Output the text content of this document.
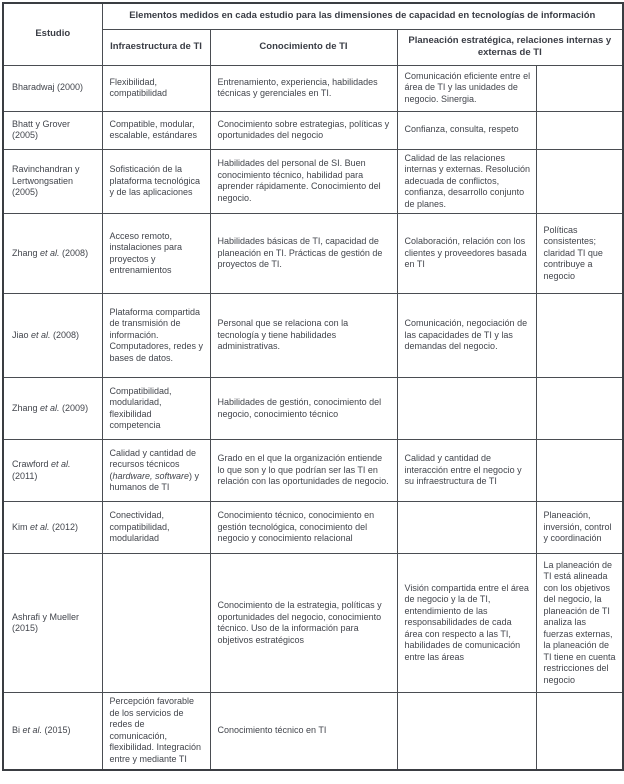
Estudio	Elementos medidos en cada estudio para las dimensiones de capacidad en tecnologías de información			
	Infraestructura de TI	Conocimiento de TI	Planeación estratégica, relaciones internas y externas de TI	
Bharadwaj (2000)	Flexibilidad, compatibilidad	Entrenamiento, experiencia, habilidades técnicas y gerenciales en TI.	Comunicación eficiente entre el área de TI y las unidades de negocio. Sinergia.	
Bhatt y Grover (2005)	Compatible, modular, escalable, estándares	Conocimiento sobre estrategias, políticas y oportunidades del negocio	Confianza, consulta, respeto	
Ravinchandran y Lertwongsatien (2005)	Sofisticación de la plataforma tecnológica y de las aplicaciones	Habilidades del personal de SI. Buen conocimiento técnico, habilidad para aprender rápidamente. Conocimiento del negocio.	Calidad de las relaciones internas y externas. Resolución adecuada de conflictos, confianza, desarrollo conjunto de planes.	
Zhang et al. (2008)	Acceso remoto, instalaciones para proyectos y entrenamientos	Habilidades básicas de TI, capacidad de planeación en TI. Prácticas de gestión de proyectos de TI.	Colaboración, relación con los clientes y proveedores basada en TI	Políticas consistentes; claridad TI que contribuye a negocio
Jiao et al. (2008)	Plataforma compartida de transmisión de información. Computadores, redes y bases de datos.	Personal que se relaciona con la tecnología y tiene habilidades administrativas.	Comunicación, negociación de las capacidades de TI y las demandas del negocio.	
Zhang et al. (2009)	Compatibilidad, modularidad, flexibilidad competencia	Habilidades de gestión, conocimiento del negocio, conocimiento técnico		
Crawford et al. (2011)	Calidad y cantidad de recursos técnicos (hardware, software) y humanos de TI	Grado en el que la organización entiende lo que son y lo que podrían ser las TI en relación con las oportunidades de negocio.	Calidad y cantidad de interacción entre el negocio y su infraestructura de TI	
Kim et al. (2012)	Conectividad, compatibilidad, modularidad	Conocimiento técnico, conocimiento en gestión tecnológica, conocimiento del negocio y conocimiento relacional		Planeación, inversión, control y coordinación
Ashrafi y Mueller (2015)		Conocimiento de la estrategia, políticas y oportunidades del negocio, conocimiento técnico. Uso de la información para objetivos estratégicos	Visión compartida entre el área de negocio y la de TI, entendimiento de las responsabilidades de cada área con respecto a las TI, habilidades de comunicación entre las áreas	La planeación de TI está alineada con los objetivos del negocio, la planeación de TI analiza las fuerzas externas, la planeación de TI tiene en cuenta restricciones del negocio
Bi et al. (2015)	Percepción favorable de los servicios de redes de comunicación, flexibilidad. Integración entre y mediante TI	Conocimiento técnico en TI		
